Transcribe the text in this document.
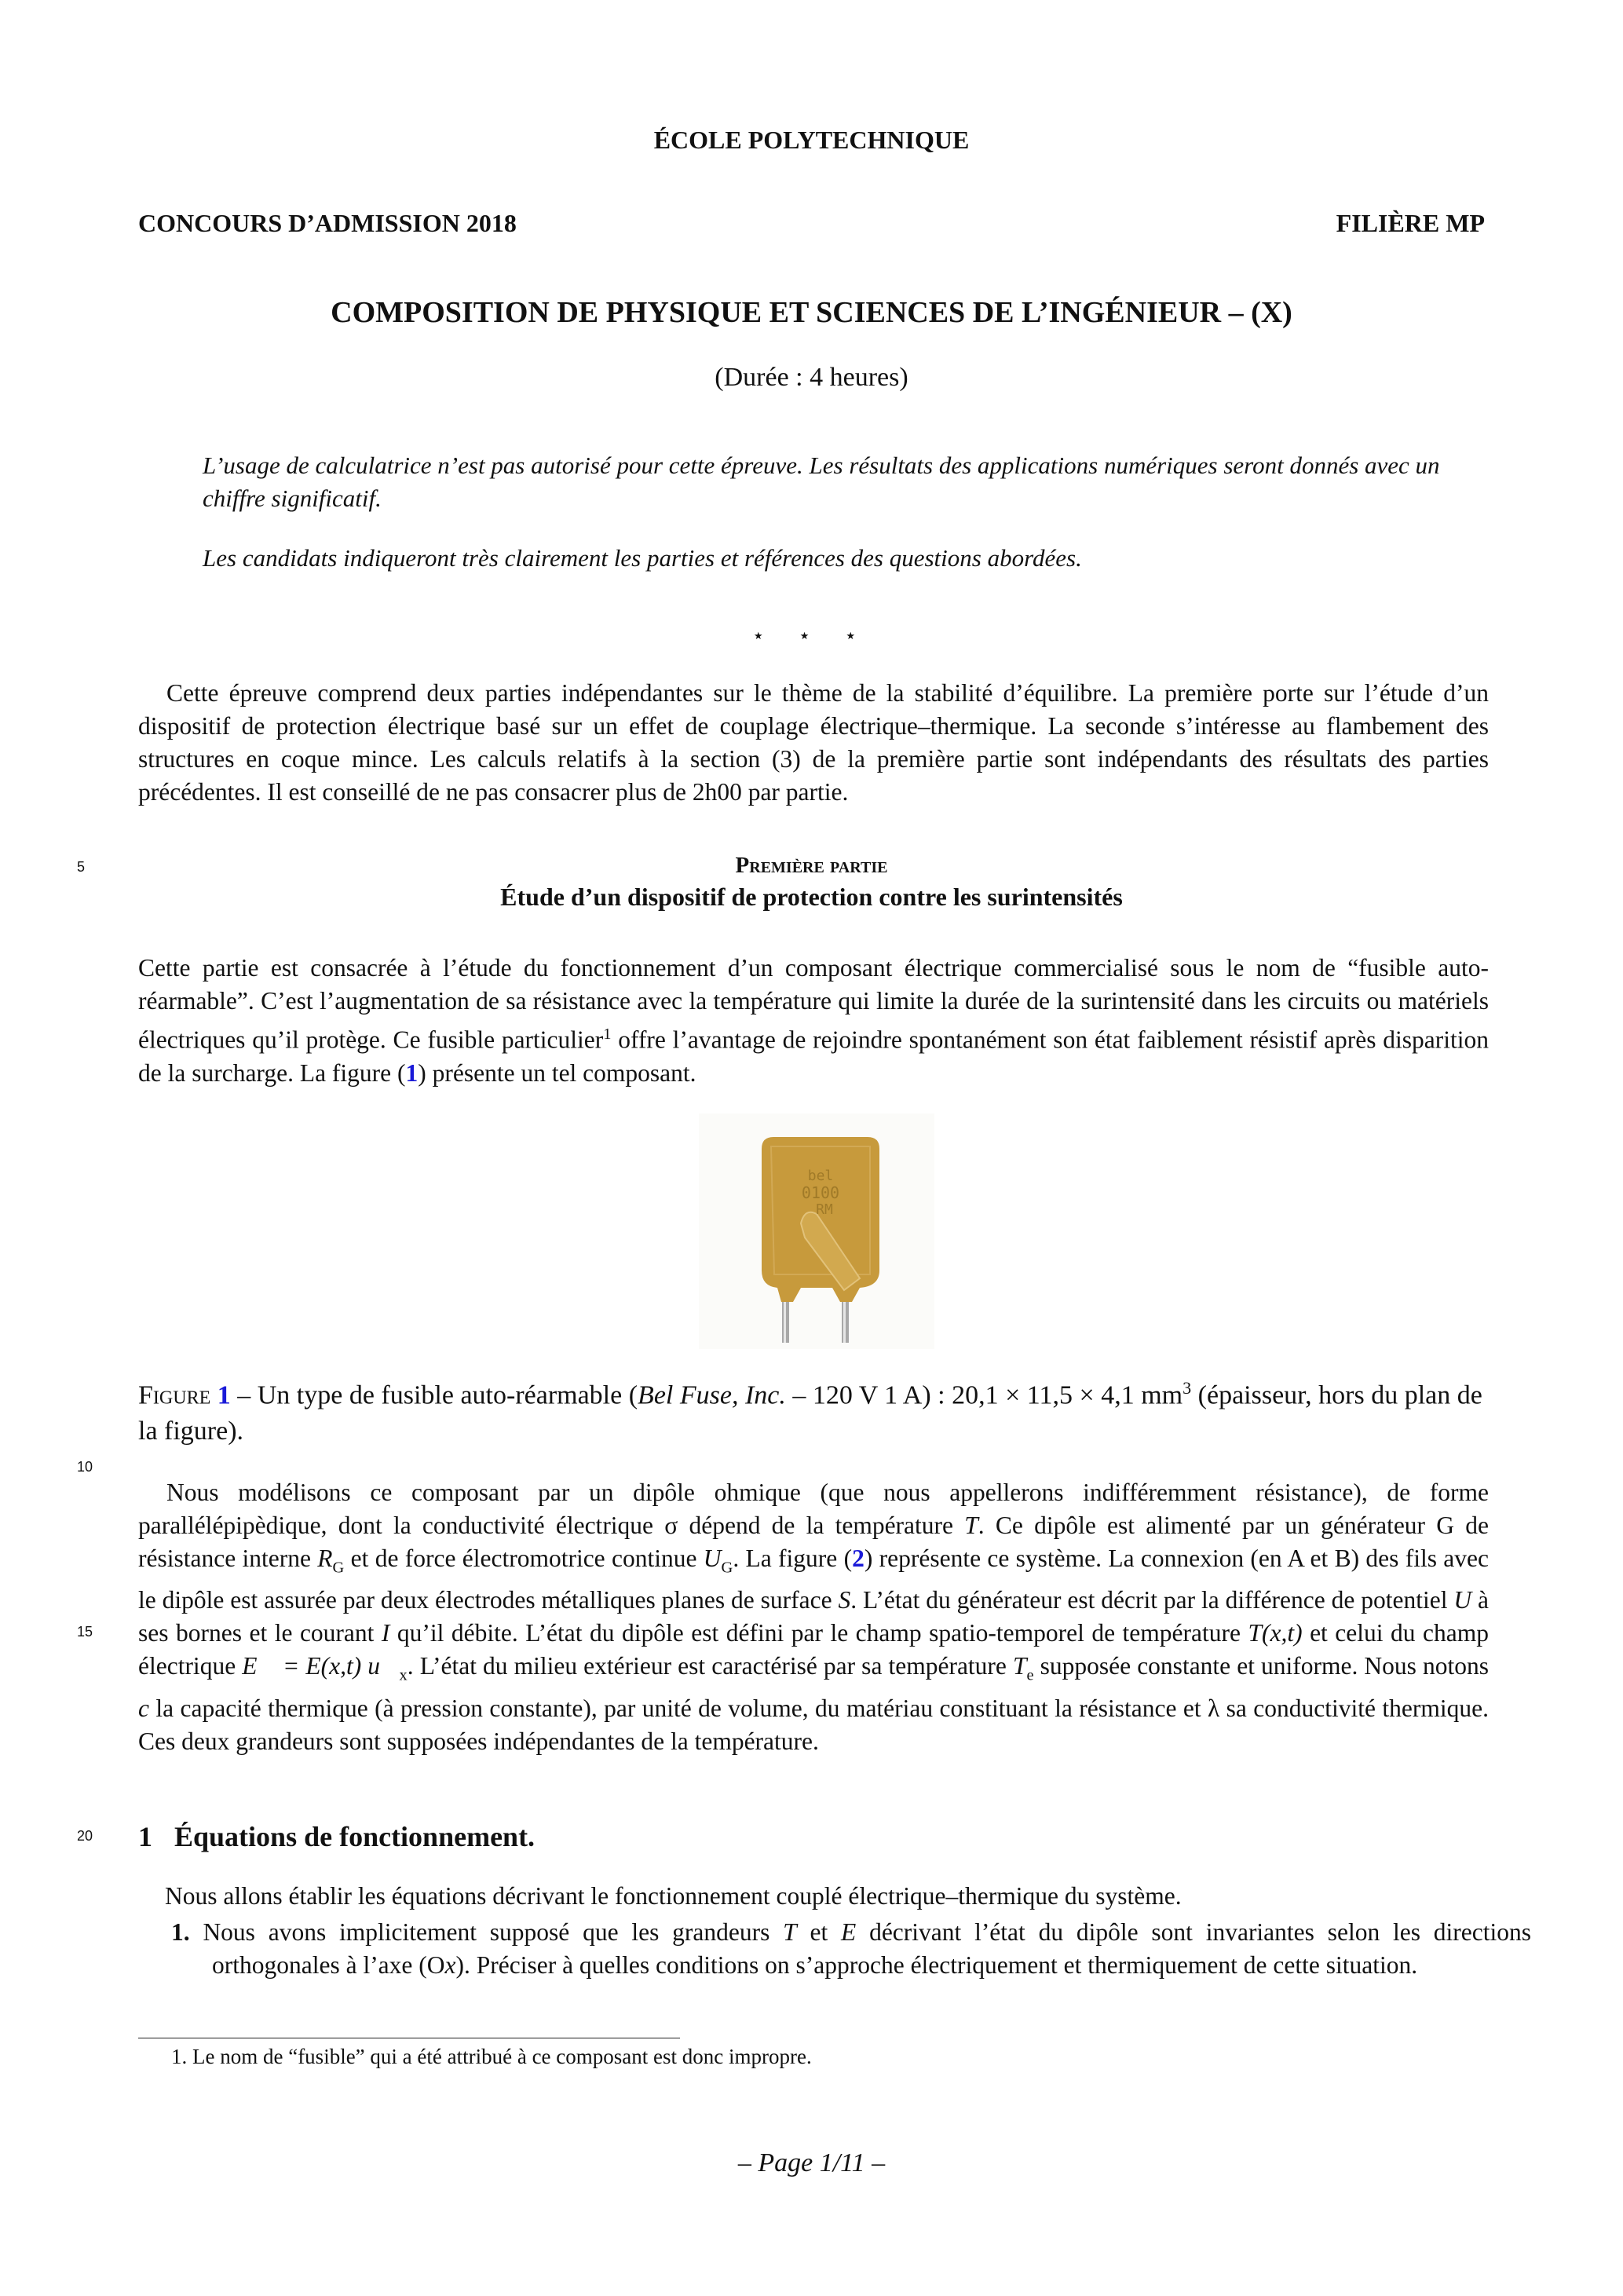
ÉCOLE POLYTECHNIQUE
CONCOURS D’ADMISSION 2018	FILIÈRE MP
COMPOSITION DE PHYSIQUE ET SCIENCES DE L’INGÉNIEUR – (X)
(Durée : 4 heures)
L’usage de calculatrice n’est pas autorisé pour cette épreuve. Les résultats des applications numériques seront donnés avec un chiffre significatif.
Les candidats indiqueront très clairement les parties et références des questions abordées.
⋆ ⋆ ⋆
Cette épreuve comprend deux parties indépendantes sur le thème de la stabilité d’équilibre. La première porte sur l’étude d’un dispositif de protection électrique basé sur un effet de couplage électrique–thermique. La seconde s’intéresse au flambement des structures en coque mince. Les calculs relatifs à la section (3) de la première partie sont indépendants des résultats des parties précédentes. Il est conseillé de ne pas consacrer plus de 2h00 par partie.
5
10
15
20
Première partie
Étude d’un dispositif de protection contre les surintensités
Cette partie est consacrée à l’étude du fonctionnement d’un composant électrique commercialisé sous le nom de “fusible auto-réarmable”. C’est l’augmentation de sa résistance avec la température qui limite la durée de la surintensité dans les circuits ou matériels électriques qu’il protège. Ce fusible particulier$^1$ offre l’avantage de rejoindre spontanément son état faiblement résistif après disparition de la surcharge. La figure (1) présente un tel composant.
bel
0100
RM
Figure 1 – Un type de fusible auto-réarmable (Bel Fuse, Inc. – 120 V 1 A) : 20,1 × 11,5 × 4,1 $mm^3$ (épaisseur, hors du plan de la figure).
Nous modélisons ce composant par un dipôle ohmique (que nous appellerons indifféremment résistance), de forme parallélépipèdique, dont la conductivité électrique σ dépend de la température T. Ce dipôle est alimenté par un générateur G de résistance interne $R_G$ et de force électromotrice continue $U_G$. La figure (2) représente ce système. La connexion (en A et B) des fils avec le dipôle est assurée par deux électrodes métalliques planes de surface S. L’état du générateur est décrit par la différence de potentiel U à ses bornes et le courant I qu’il débite. L’état du dipôle est défini par le champ spatio-temporel de température T(x,t) et celui du champ électrique E⃗ = E(x,t) $u⃗_x$. L’état du milieu extérieur est caractérisé par sa température $T_e$ supposée constante et uniforme. Nous notons c la capacité thermique (à pression constante), par unité de volume, du matériau constituant la résistance et λ sa conductivité thermique. Ces deux grandeurs sont supposées indépendantes de la température.
1 Équations de fonctionnement.
Nous allons établir les équations décrivant le fonctionnement couplé électrique–thermique du système.
1. Nous avons implicitement supposé que les grandeurs T et E décrivant l’état du dipôle sont invariantes selon les directions orthogonales à l’axe (Ox). Préciser à quelles conditions on s’approche électriquement et thermiquement de cette situation.
1. Le nom de “fusible” qui a été attribué à ce composant est donc impropre.
– Page 1/11 –
